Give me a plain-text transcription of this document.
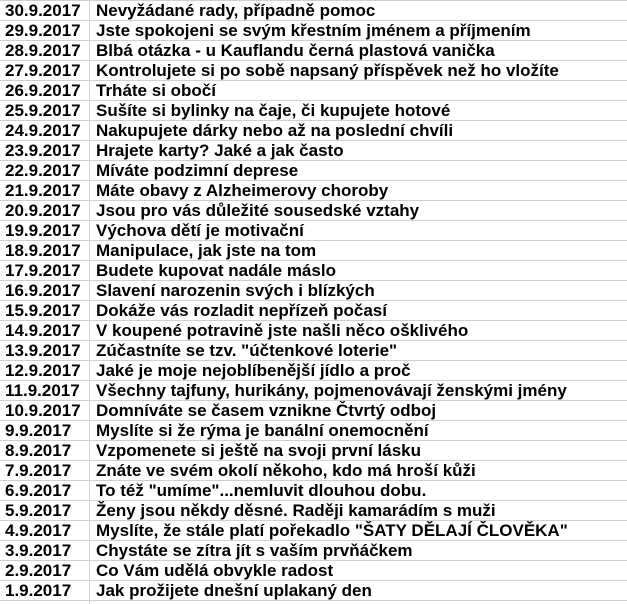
30.9.2017 Nevyžádané rady, případně pomoc
29.9.2017 Jste spokojeni se svým křestním jménem a příjmením
28.9.2017 Blbá otázka - u Kauflandu černá plastová vanička
27.9.2017 Kontrolujete si po sobě napsaný příspěvek než ho vložíte
26.9.2017 Trháte si obočí
25.9.2017 Sušíte si bylinky na čaje, či kupujete hotové
24.9.2017 Nakupujete dárky nebo až na poslední chvíli
23.9.2017 Hrajete karty? Jaké a jak často
22.9.2017 Míváte podzimní deprese
21.9.2017 Máte obavy z Alzheimerovy choroby
20.9.2017 Jsou pro vás důležité sousedské vztahy
19.9.2017 Výchova dětí je motivační
18.9.2017 Manipulace, jak jste na tom
17.9.2017 Budete kupovat nadále máslo
16.9.2017 Slavení narozenin svých i blízkých
15.9.2017 Dokáže vás rozladit nepřízeň počasí
14.9.2017 V koupené potravině jste našli něco ošklivého
13.9.2017 Zúčastníte se tzv. "účtenkové loterie"
12.9.2017 Jaké je moje nejoblíbenější jídlo a proč
11.9.2017 Všechny tajfuny, hurikány, pojmenovávají ženskými jmény
10.9.2017 Domníváte se časem vznikne Čtvrtý odboj
9.9.2017	Myslíte si že rýma je banální onemocnění
8.9.2017	Vzpomenete si ještě na svoji první lásku
7.9.2017	Znáte ve svém okolí někoho, kdo má hroší kůži
6.9.2017	To též "umíme"...nemluvit dlouhou dobu.
5.9.2017	Ženy jsou někdy děsné. Raději kamarádím s muži
4.9.2017	Myslíte, že stále platí pořekadlo "ŠATY DĚLAJÍ ČLOVĚKA"
3.9.2017	Chystáte se zítra jít s vaším prvňáčkem
2.9.2017	Co Vám udělá obvykle radost
1.9.2017	Jak prožijete dnešní uplakaný den
